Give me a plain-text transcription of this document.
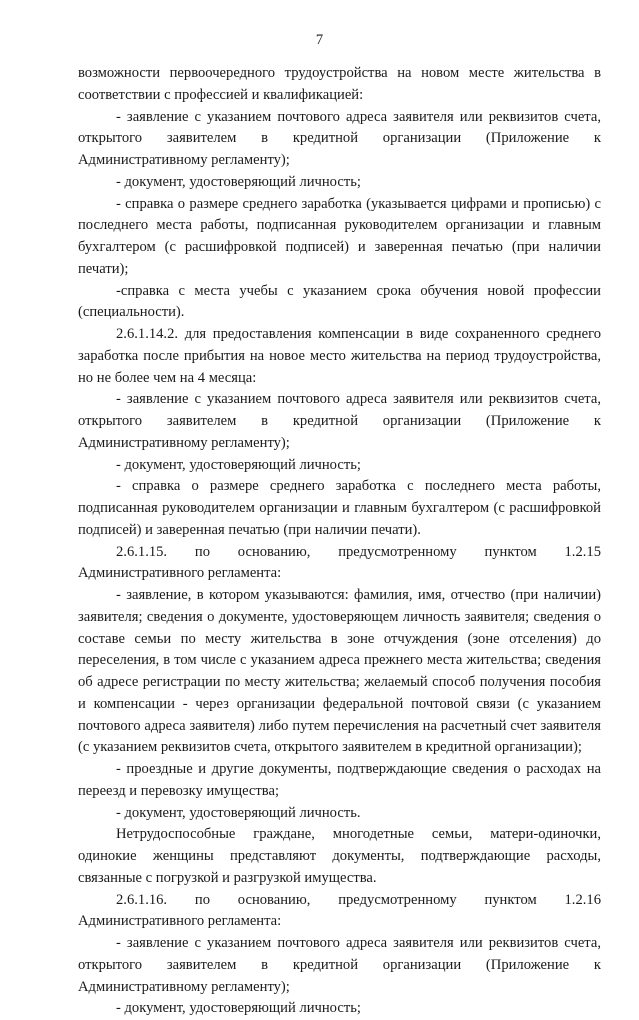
7

возможности первоочередного трудоустройства на новом месте жительства в соответствии с профессией и квалификацией:

- заявление с указанием почтового адреса заявителя или реквизитов счета, открытого заявителем в кредитной организации (Приложение к Административному регламенту);

- документ, удостоверяющий личность;

- справка о размере среднего заработка (указывается цифрами и прописью) с последнего места работы, подписанная руководителем организации и главным бухгалтером (с расшифровкой подписей) и заверенная печатью (при наличии печати);

-справка с места учебы с указанием срока обучения новой профессии (специальности).

2.6.1.14.2. для предоставления компенсации в виде сохраненного среднего заработка после прибытия на новое место жительства на период трудоустройства, но не более чем на 4 месяца:

- заявление с указанием почтового адреса заявителя или реквизитов счета, открытого заявителем в кредитной организации (Приложение к Административному регламенту);

- документ, удостоверяющий личность;

- справка о размере среднего заработка с последнего места работы, подписанная руководителем организации и главным бухгалтером (с расшифровкой подписей) и заверенная печатью (при наличии печати).

2.6.1.15. по основанию, предусмотренному пунктом 1.2.15 Административного регламента:

- заявление, в котором указываются: фамилия, имя, отчество (при наличии) заявителя; сведения о документе, удостоверяющем личность заявителя; сведения о составе семьи по месту жительства в зоне отчуждения (зоне отселения) до переселения, в том числе с указанием адреса прежнего места жительства; сведения об адресе регистрации по месту жительства; желаемый способ получения пособия и компенсации - через организации федеральной почтовой связи (с указанием почтового адреса заявителя) либо путем перечисления на расчетный счет заявителя (с указанием реквизитов счета, открытого заявителем в кредитной организации);

- проездные и другие документы, подтверждающие сведения о расходах на переезд и перевозку имущества;

- документ, удостоверяющий личность.

Нетрудоспособные граждане, многодетные семьи, матери-одиночки, одинокие женщины представляют документы, подтверждающие расходы, связанные с погрузкой и разгрузкой имущества.

2.6.1.16. по основанию, предусмотренному пунктом 1.2.16 Административного регламента:

- заявление с указанием почтового адреса заявителя или реквизитов счета, открытого заявителем в кредитной организации (Приложение к Административному регламенту);

- документ, удостоверяющий личность;
